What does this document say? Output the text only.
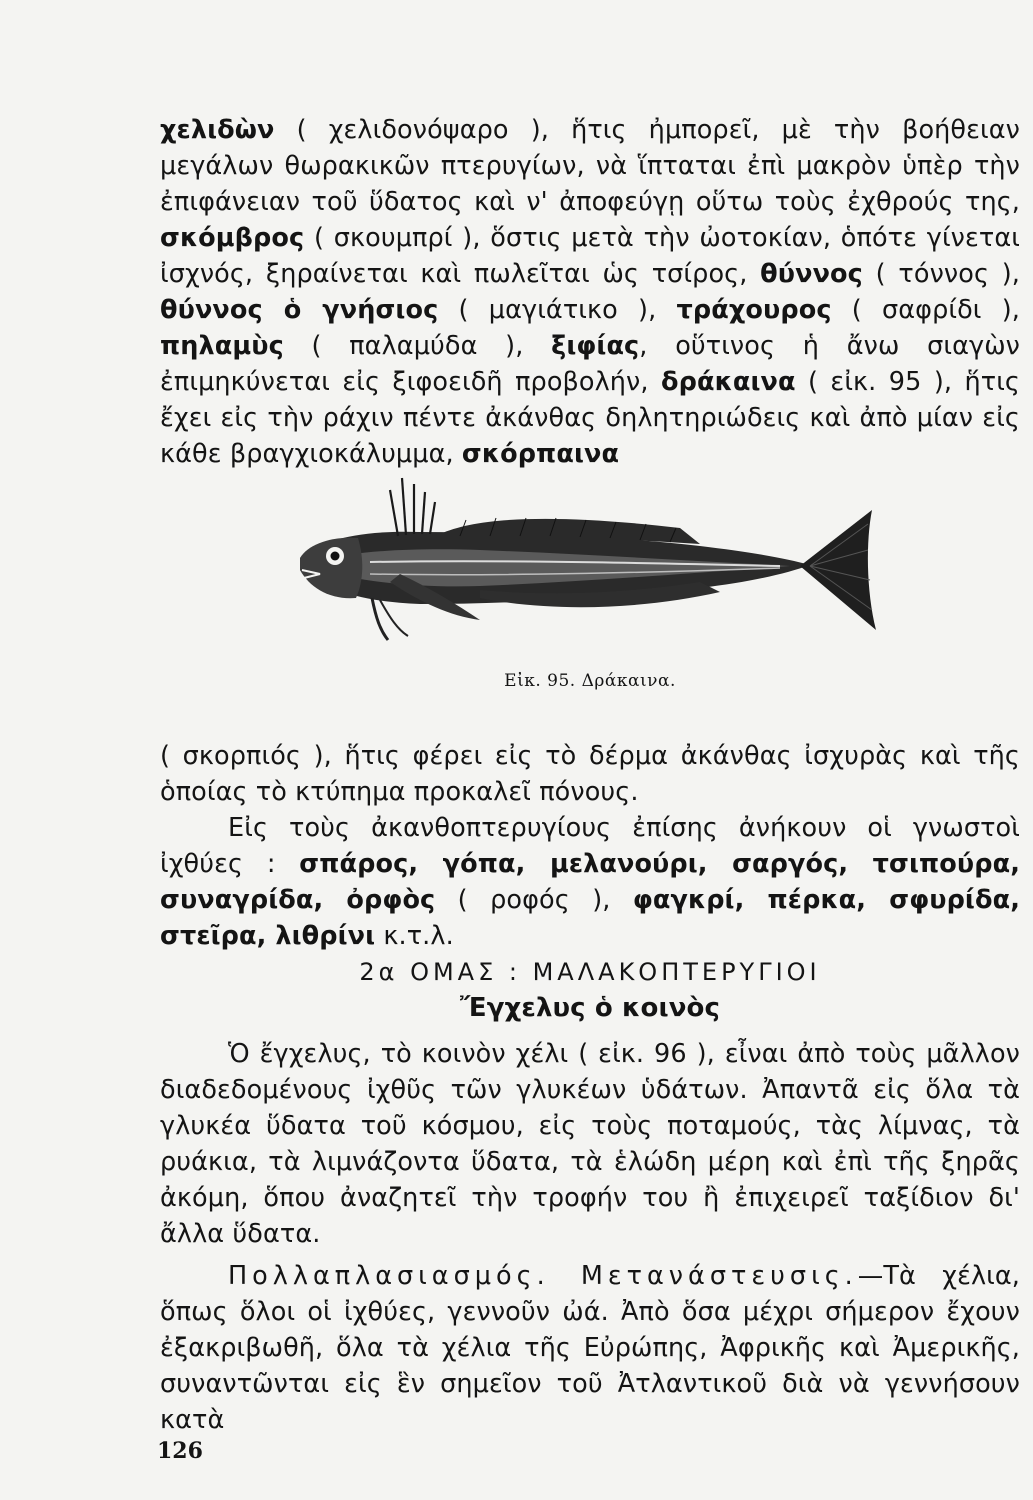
χελιδὼν ( χελιδονόψαρο ), ἥτις ἠμπορεῖ, μὲ τὴν βοήθειαν μεγάλων θωρακικῶν πτερυγίων, νὰ ἵπταται ἐπὶ μακρὸν ὑπὲρ τὴν ἐπιφάνειαν τοῦ ὕδατος καὶ ν' ἀποφεύγῃ οὕτω τοὺς ἐχθρούς της, σκόμβρος ( σκουμπρί ), ὅστις μετὰ τὴν ὠοτοκίαν, ὁπότε γίνεται ἰσχνός, ξηραίνεται καὶ πωλεῖται ὡς τσίρος, θύννος ( τόννος ), θύννος ὁ γνήσιος ( μαγιάτικο ), τράχουρος ( σαφρίδι ), πηλαμὺς ( παλαμύδα ), ξιφίας, οὕτινος ἡ ἄνω σιαγὼν ἐπιμηκύνεται εἰς ξιφοειδῆ προβολήν, δράκαινα ( εἰκ. 95 ), ἥτις ἔχει εἰς τὴν ράχιν πέντε ἀκάνθας δηλητηριώδεις καὶ ἀπὸ μίαν εἰς κάθε βραγχιοκάλυμμα, σκόρπαινα

Εἰκ. 95. Δράκαινα.

( σκορπιός ), ἥτις φέρει εἰς τὸ δέρμα ἀκάνθας ἰσχυρὰς καὶ τῆς ὁποίας τὸ κτύπημα προκαλεῖ πόνους.

Εἰς τοὺς ἀκανθοπτερυγίους ἐπίσης ἀνήκουν οἱ γνωστοὶ ἰχθύες : σπάρος, γόπα, μελανούρι, σαργός, τσιπούρα, συναγρίδα, ὀρφὸς ( ροφός ), φαγκρί, πέρκα, σφυρίδα, στεῖρα, λιθρίνι κ.τ.λ.

2α ΟΜΑΣ : ΜΑΛΑΚΟΠΤΕΡΥΓΙΟΙ

Ἔγχελυς ὁ κοινὸς

Ὁ ἔγχελυς, τὸ κοινὸν χέλι ( εἰκ. 96 ), εἶναι ἀπὸ τοὺς μᾶλλον διαδεδομένους ἰχθῦς τῶν γλυκέων ὑδάτων. Ἀπαντᾶ εἰς ὅλα τὰ γλυκέα ὕδατα τοῦ κόσμου, εἰς τοὺς ποταμούς, τὰς λίμνας, τὰ ρυάκια, τὰ λιμνάζοντα ὕδατα, τὰ ἑλώδη μέρη καὶ ἐπὶ τῆς ξηρᾶς ἀκόμη, ὅπου ἀναζητεῖ τὴν τροφήν του ἢ ἐπιχειρεῖ ταξίδιον δι' ἄλλα ὕδατα.

Πολλαπλασιασμός. Μετανάστευσις.—Τὰ χέλια, ὅπως ὅλοι οἱ ἰχθύες, γεννοῦν ὠά. Ἀπὸ ὅσα μέχρι σήμερον ἔχουν ἐξακριβωθῆ, ὅλα τὰ χέλια τῆς Εὐρώπης, Ἀφρικῆς καὶ Ἀμερικῆς, συναντῶνται εἰς ἓν σημεῖον τοῦ Ἀτλαντικοῦ διὰ νὰ γεννήσουν κατὰ

126
